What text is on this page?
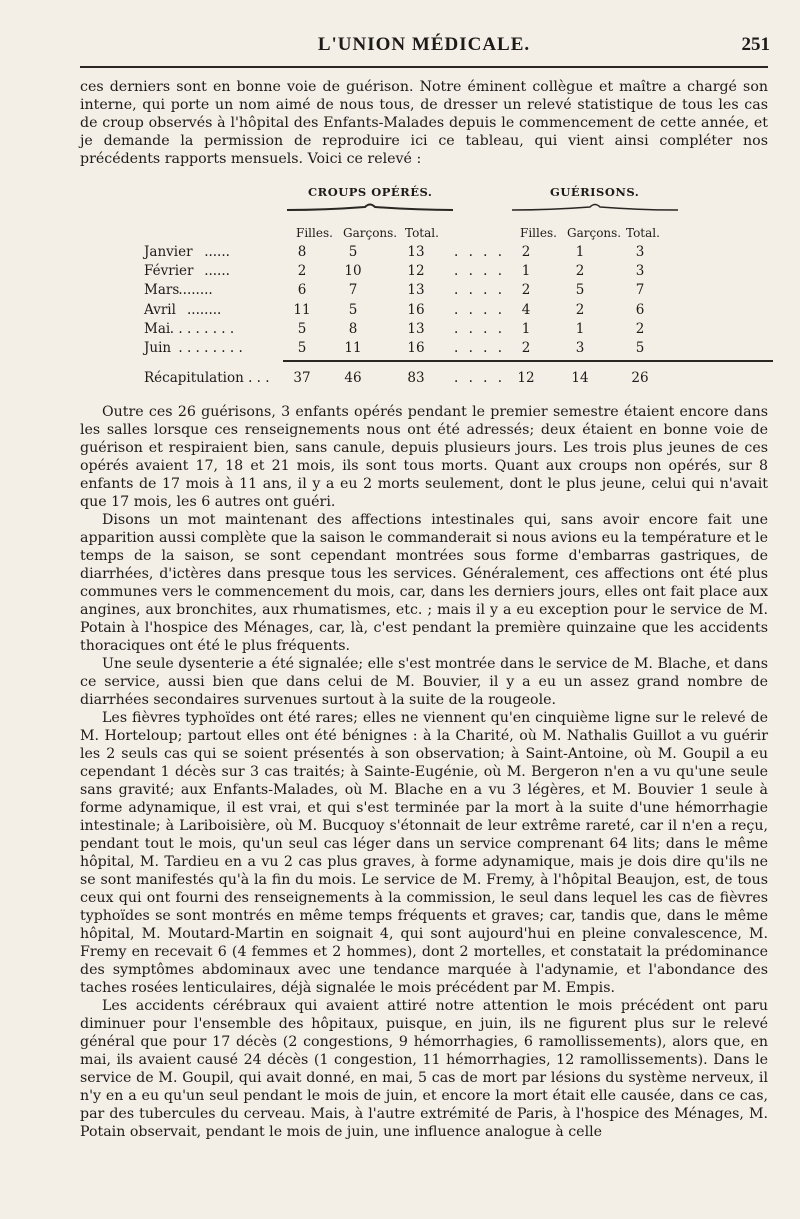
L'UNION MÉDICALE.	251

ces derniers sont en bonne voie de guérison. Notre éminent collègue et maître a chargé son interne, qui porte un nom aimé de nous tous, de dresser un relevé statistique de tous les cas de croup observés à l'hôpital des Enfants-Malades depuis le commencement de cette année, et je demande la permission de reproduire ici ce tableau, qui vient ainsi compléter nos précédents rapports mensuels. Voici ce relevé :

CROUPS OPÉRÉS.	GUÉRISONS.
Filles. Garçons. Total.	Filles. Garçons. Total.
Janvier ......	8	5	13	2	1	3
. . . .
Février ......	2	10	12	1	2	3
. . . .
Mars ........	6	7	13	2	5	7
. . . .
Avril ........	11	5	16	4	2	6
. . . .
Mai . . . . . . . .	5	8	13	1	1	2
. . . .
Juin . . . . . . . .	5	11	16	2	3	5
. . . .
Récapitulation . . .	37	46	83	. . . . 12	14	26

Outre ces 26 guérisons, 3 enfants opérés pendant le premier semestre étaient encore dans les salles lorsque ces renseignements nous ont été adressés; deux étaient en bonne voie de guérison et respiraient bien, sans canule, depuis plusieurs jours. Les trois plus jeunes de ces opérés avaient 17, 18 et 21 mois, ils sont tous morts. Quant aux croups non opérés, sur 8 enfants de 17 mois à 11 ans, il y a eu 2 morts seulement, dont le plus jeune, celui qui n'avait que 17 mois, les 6 autres ont guéri.

Disons un mot maintenant des affections intestinales qui, sans avoir encore fait une apparition aussi complète que la saison le commanderait si nous avions eu la température et le temps de la saison, se sont cependant montrées sous forme d'embarras gastriques, de diarrhées, d'ictères dans presque tous les services. Généralement, ces affections ont été plus communes vers le commencement du mois, car, dans les derniers jours, elles ont fait place aux angines, aux bronchites, aux rhumatismes, etc. ; mais il y a eu exception pour le service de M. Potain à l'hospice des Ménages, car, là, c'est pendant la première quinzaine que les accidents thoraciques ont été le plus fréquents.

Une seule dysenterie a été signalée; elle s'est montrée dans le service de M. Blache, et dans ce service, aussi bien que dans celui de M. Bouvier, il y a eu un assez grand nombre de diarrhées secondaires survenues surtout à la suite de la rougeole.

Les fièvres typhoïdes ont été rares; elles ne viennent qu'en cinquième ligne sur le relevé de M. Horteloup; partout elles ont été bénignes : à la Charité, où M. Nathalis Guillot a vu guérir les 2 seuls cas qui se soient présentés à son observation; à Saint-Antoine, où M. Goupil a eu cependant 1 décès sur 3 cas traités; à Sainte-Eugénie, où M. Bergeron n'en a vu qu'une seule sans gravité; aux Enfants-Malades, où M. Blache en a vu 3 légères, et M. Bouvier 1 seule à forme adynamique, il est vrai, et qui s'est terminée par la mort à la suite d'une hémorrhagie intestinale; à Lariboisière, où M. Bucquoy s'étonnait de leur extrême rareté, car il n'en a reçu, pendant tout le mois, qu'un seul cas léger dans un service comprenant 64 lits; dans le même hôpital, M. Tardieu en a vu 2 cas plus graves, à forme adynamique, mais je dois dire qu'ils ne se sont manifestés qu'à la fin du mois. Le service de M. Fremy, à l'hôpital Beaujon, est, de tous ceux qui ont fourni des renseignements à la commission, le seul dans lequel les cas de fièvres typhoïdes se sont montrés en même temps fréquents et graves; car, tandis que, dans le même hôpital, M. Moutard-Martin en soignait 4, qui sont aujourd'hui en pleine convalescence, M. Fremy en recevait 6 (4 femmes et 2 hommes), dont 2 mortelles, et constatait la prédominance des symptômes abdominaux avec une tendance marquée à l'adynamie, et l'abondance des taches rosées lenticulaires, déjà signalée le mois précédent par M. Empis.

Les accidents cérébraux qui avaient attiré notre attention le mois précédent ont paru diminuer pour l'ensemble des hôpitaux, puisque, en juin, ils ne figurent plus sur le relevé général que pour 17 décès (2 congestions, 9 hémorrhagies, 6 ramollissements), alors que, en mai, ils avaient causé 24 décès (1 congestion, 11 hémorrhagies, 12 ramollissements). Dans le service de M. Goupil, qui avait donné, en mai, 5 cas de mort par lésions du système nerveux, il n'y en a eu qu'un seul pendant le mois de juin, et encore la mort était elle causée, dans ce cas, par des tubercules du cerveau. Mais, à l'autre extrémité de Paris, à l'hospice des Ménages, M. Potain observait, pendant le mois de juin, une influence analogue à celle
